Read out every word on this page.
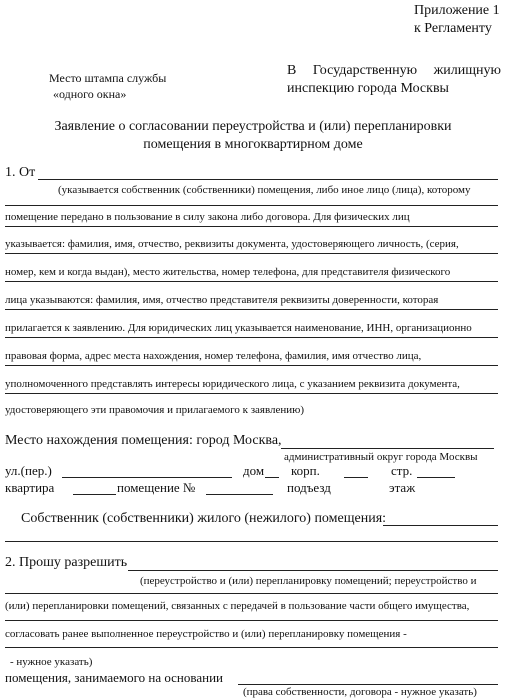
Приложение 1
к Регламенту
Место штампа службы
«одного окна»
В Государственную жилищную
инспекцию города Москвы
Заявление о согласовании переустройства и (или) перепланировки
помещения в многоквартирном доме
1. От
(указывается собственник (собственники) помещения, либо иное лицо (лица), которому
помещение передано в пользование в силу закона либо договора. Для физических лиц
указывается: фамилия, имя, отчество, реквизиты документа, удостоверяющего личность, (серия,
номер, кем и когда выдан), место жительства, номер телефона, для представителя физического
лица указываются: фамилия, имя, отчество представителя реквизиты доверенности, которая
прилагается к заявлению. Для юридических лиц указывается наименование, ИНН, организационно
правовая форма, адрес места нахождения, номер телефона, фамилия, имя отчество лица,
уполномоченного представлять интересы юридического лица, с указанием реквизита документа,
удостоверяющего эти правомочия и прилагаемого к заявлению)
Место нахождения помещения: город Москва,
административный округ города Москвы
ул.(пер.)	дом корп.	стр.
квартира	помещение №	подъезд	этаж
Собственник (собственники) жилого (нежилого) помещения:
2. Прошу разрешить
(переустройство и (или) перепланировку помещений; переустройство и
(или) перепланировки помещений, связанных с передачей в пользование части общего имущества,
согласовать ранее выполненное переустройство и (или) перепланировку помещения -
- нужное указать)
помещения, занимаемого на основании
(права собственности, договора - нужное указать)
